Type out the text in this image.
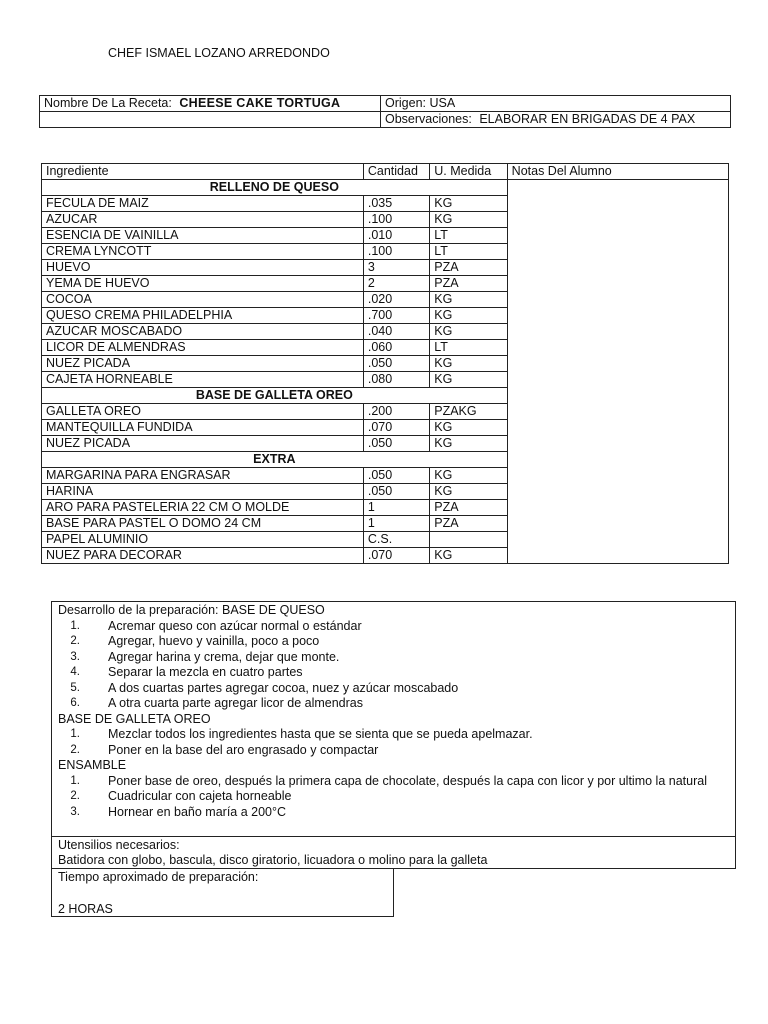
CHEF ISMAEL LOZANO ARREDONDO
Nombre De La Receta: CHEESE CAKE TORTUGA	Origen: USA
	Observaciones: ELABORAR EN BRIGADAS DE 4 PAX
Ingrediente	Cantidad	U. Medida	Notas Del Alumno
RELLENO DE QUESO			
FECULA DE MAIZ	.035	KG	
AZUCAR	.100	KG	
ESENCIA DE VAINILLA	.010	LT	
CREMA LYNCOTT	.100	LT	
HUEVO	3	PZA	
YEMA DE HUEVO	2	PZA	
COCOA	.020	KG	
QUESO CREMA PHILADELPHIA	.700	KG	
AZUCAR MOSCABADO	.040	KG	
LICOR DE ALMENDRAS	.060	LT	
NUEZ PICADA	.050	KG	
CAJETA HORNEABLE	.080	KG	
BASE DE GALLETA OREO			
GALLETA OREO	.200	PZAKG	
MANTEQUILLA FUNDIDA	.070	KG	
NUEZ PICADA	.050	KG	
EXTRA			
MARGARINA PARA ENGRASAR	.050	KG	
HARINA	.050	KG	
ARO PARA PASTELERIA 22 CM O MOLDE	1	PZA	
BASE PARA PASTEL O DOMO 24 CM	1	PZA	
PAPEL ALUMINIO	C.S.		
NUEZ PARA DECORAR	.070	KG	
Desarrollo de la preparación: BASE DE QUESO
1. Acremar queso con azúcar normal o estándar
2. Agregar, huevo y vainilla, poco a poco
3. Agregar harina y crema, dejar que monte.
4. Separar la mezcla en cuatro partes
5. A dos cuartas partes agregar cocoa, nuez y azúcar moscabado
6. A otra cuarta parte agregar licor de almendras
BASE DE GALLETA OREO
1. Mezclar todos los ingredientes hasta que se sienta que se pueda apelmazar.
2. Poner en la base del aro engrasado y compactar
ENSAMBLE
1. Poner base de oreo, después la primera capa de chocolate, después la capa con licor y por ultimo la natural
2. Cuadricular con cajeta horneable
3. Hornear en baño maría a 200°C
Utensilios necesarios:
Batidora con globo, bascula, disco giratorio, licuadora o molino para la galleta
Tiempo aproximado de preparación:
2 HORAS
